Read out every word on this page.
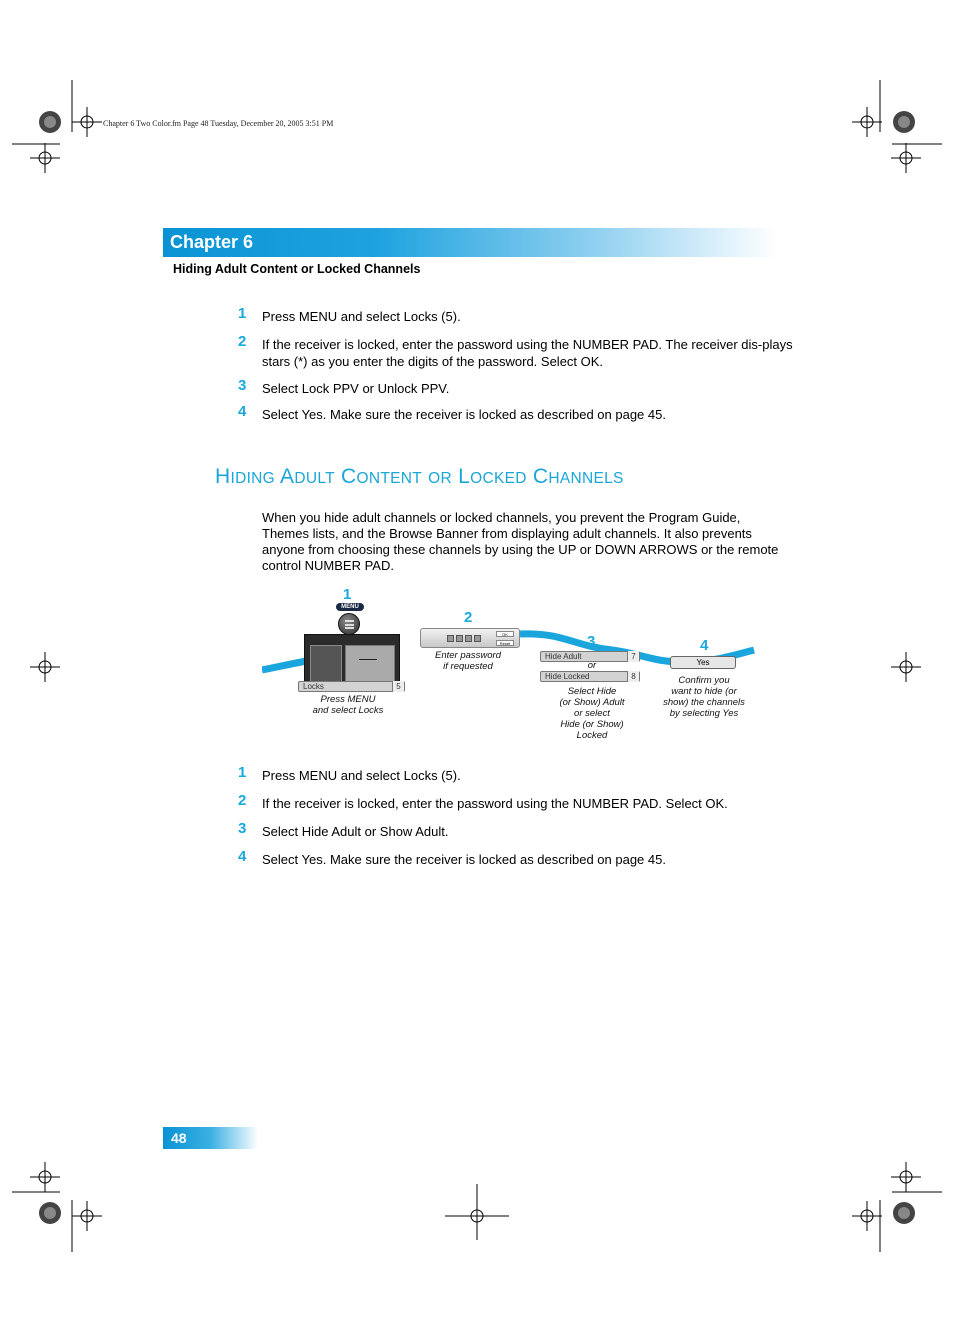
Chapter 6 Two Color.fm Page 48 Tuesday, December 20, 2005 3:51 PM
Chapter 6
Hiding Adult Content or Locked Channels
1 Press MENU and select Locks (5).
2 If the receiver is locked, enter the password using the NUMBER PAD. The receiver dis-plays stars (*) as you enter the digits of the password. Select OK.
3 Select Lock PPV or Unlock PPV.
4 Select Yes. Make sure the receiver is locked as described on page 45.
HIDING ADULT CONTENT OR LOCKED CHANNELS
When you hide adult channels or locked channels, you prevent the Program Guide, Themes lists, and the Browse Banner from displaying adult channels. It also prevents anyone from choosing these channels by using the UP or DOWN ARROWS or the remote control NUMBER PAD.
1
MENU
Locks	5
Press MENU
and select Locks
2
OK
Reset
Enter password
if requested
3
Hide Adult	7
or
Hide Locked	8
Select Hide
(or Show) Adult
or select
Hide (or Show)
Locked
4
Yes
Confirm you
want to hide (or
show) the channels
by selecting Yes
1 Press MENU and select Locks (5).
2 If the receiver is locked, enter the password using the NUMBER PAD. Select OK.
3 Select Hide Adult or Show Adult.
4 Select Yes. Make sure the receiver is locked as described on page 45.
48
